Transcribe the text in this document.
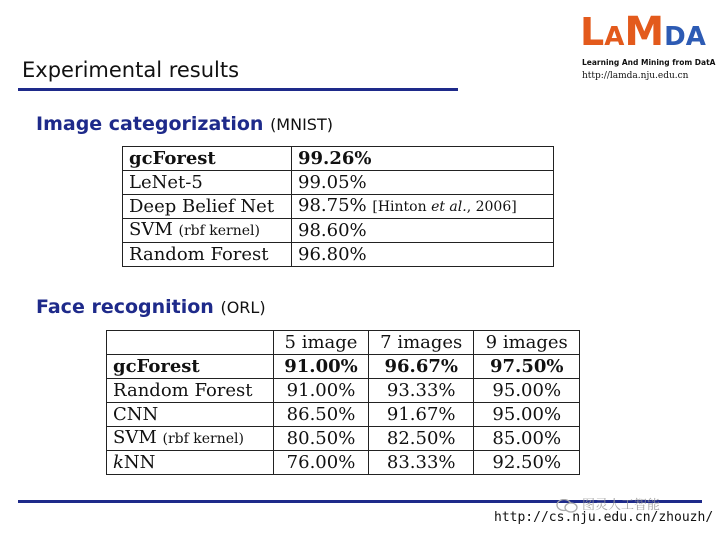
Experimental results
LAMDA
Learning And Mining from DatA
http://lamda.nju.edu.cn
Image categorization (MNIST)
gcForest	99.26%
LeNet-5	99.05%
Deep Belief Net	98.75% [Hinton et al., 2006]
SVM (rbf kernel)	98.60%
Random Forest	96.80%
Face recognition (ORL)
	5 image	7 images	9 images
gcForest	91.00%	96.67%	97.50%
Random Forest	91.00%	93.33%	95.00%
CNN	86.50%	91.67%	95.00%
SVM (rbf kernel)	80.50%	82.50%	85.00%
kNN	76.00%	83.33%	92.50%
图灵人工智能
http://cs.nju.edu.cn/zhouzh/
